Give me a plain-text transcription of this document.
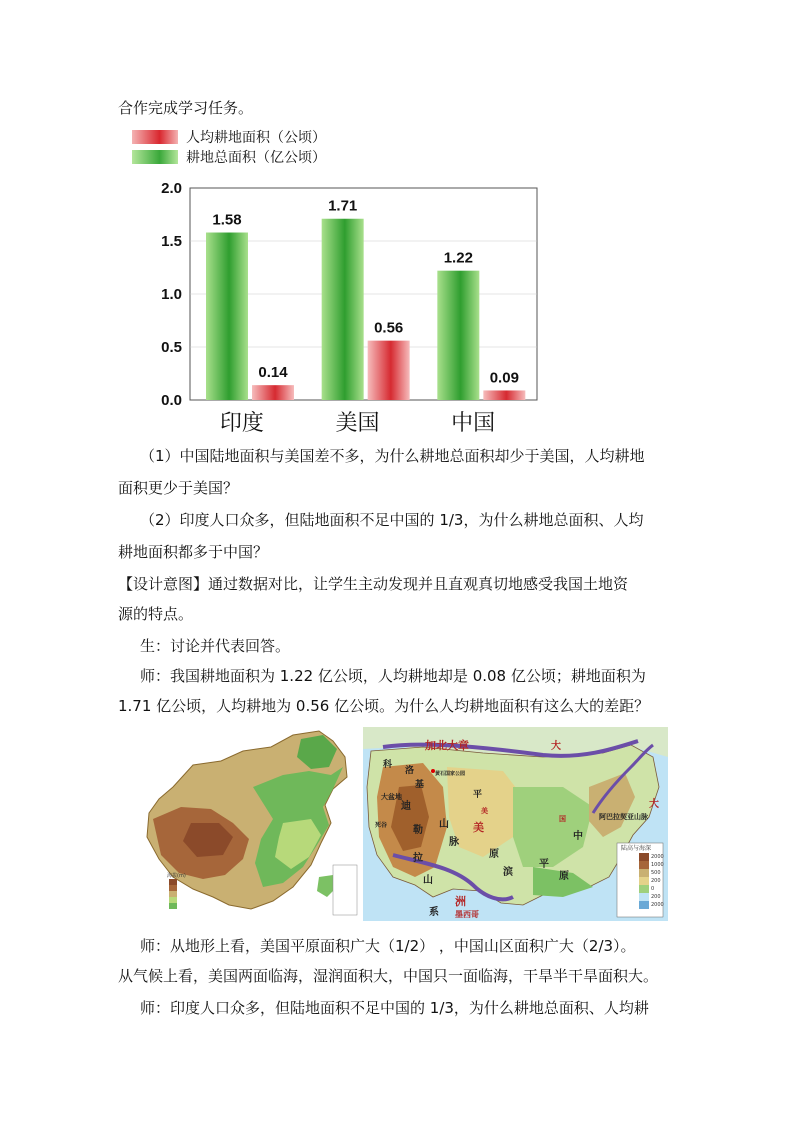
合作完成学习任务。
人均耕地面积（公顷）
耕地总面积（亿公顷）
0.0
0.5
1.0
1.5
2.0
1.58
0.14
1.71
0.56
1.22
0.09
印度	美国	中国
（1）中国陆地面积与美国差不多，为什么耕地总面积却少于美国，人均耕地
面积更少于美国？
（2）印度人口众多，但陆地面积不足中国的 1/3，为什么耕地总面积、人均
耕地面积都多于中国？
【设计意图】通过数据对比，让学生主动发现并且直观真切地感受我国土地资
源的特点。
生：讨论并代表回答。
师：我国耕地面积为 1.22 亿公顷，人均耕地却是 0.08 亿公顷；耕地面积为
1.71 亿公顷，人均耕地为 0.56 亿公顷。为什么人均耕地面积有这么大的差距？
海拔(m)
加北大章	大
科
洛
基
黄石国家公园
平
大盆地
迪	美
国
死谷	勒
山
脉
美
拉	原
中
阿巴拉契亚山脉
滨
平
原
山
洲
系 墨西哥
大
陆高与海深
2000
1000
500
200
0
200
2000
师：从地形上看，美国平原面积广大（1/2） ，中国山区面积广大（2/3）。
从气候上看，美国两面临海，湿润面积大，中国只一面临海，干旱半干旱面积大。
师：印度人口众多，但陆地面积不足中国的 1/3，为什么耕地总面积、人均耕
